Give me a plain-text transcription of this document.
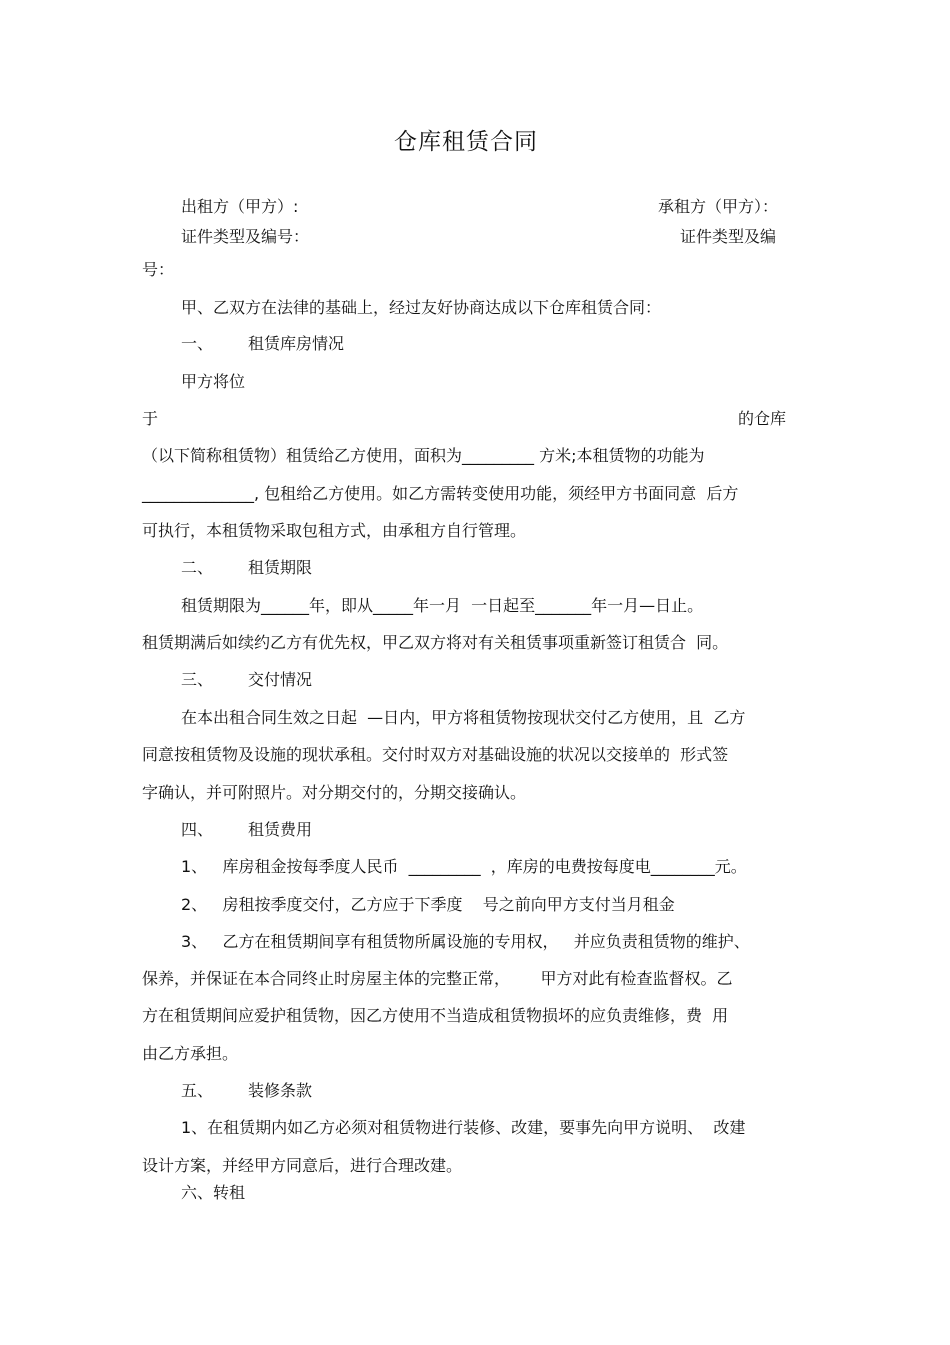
仓库租赁合同
出租方（甲方）:	承租方（甲方）：
证件类型及编号：	证件类型及编
号：
甲、乙双方在法律的基础上，经过友好协商达成以下仓库租赁合同：
一、 租赁库房情况
甲方将位
于	的仓库
（以下简称租赁物）租赁给乙方使用，面积为_________ 方米;本租赁物的功能为
______________, 包租给乙方使用。如乙方需转变使用功能，须经甲方书面同意  后方
可执行，本租赁物采取包租方式，由承租方自行管理。
二、 租赁期限
租赁期限为______年，即从_____年一月  一日起至_______年一月—日止。
租赁期满后如续约乙方有优先权，甲乙双方将对有关租赁事项重新签订租赁合  同。
三、 交付情况
在本出租合同生效之日起  —日内，甲方将租赁物按现状交付乙方使用，且  乙方
同意按租赁物及设施的现状承租。交付时双方对基础设施的状况以交接单的  形式签
字确认，并可附照片。对分期交付的，分期交接确认。
四、 租赁费用
1、   库房租金按每季度人民币  _________  ，库房的电费按每度电________元。
2、   房租按季度交付，乙方应于下季度    号之前向甲方支付当月租金
3、   乙方在租赁期间享有租赁物所属设施的专用权，   并应负责租赁物的维护、
保养，并保证在本合同终止时房屋主体的完整正常，      甲方对此有检查监督权。乙
方在租赁期间应爱护租赁物，因乙方使用不当造成租赁物损坏的应负责维修，费  用
由乙方承担。
五、 装修条款
1、在租赁期内如乙方必须对租赁物进行装修、改建，要事先向甲方说明、  改建
设计方案，并经甲方同意后，进行合理改建。
六、转租
